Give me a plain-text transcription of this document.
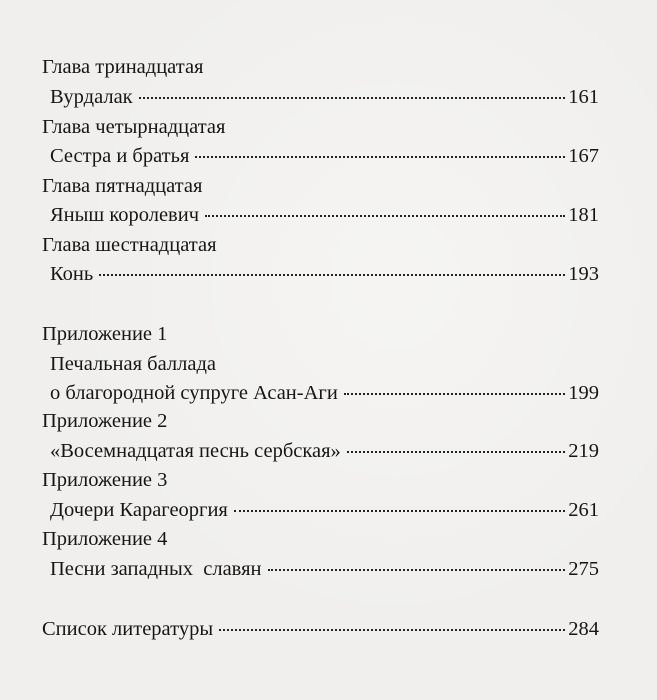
Глава тринадцатая
Вурдалак	161
Глава четырнадцатая
Сестра и братья	167
Глава пятнадцатая
Яныш королевич	181
Глава шестнадцатая
Конь	193
Приложение 1
Печальная баллада
о благородной супруге Асан-Аги	199
Приложение 2
«Восемнадцатая песнь сербская»	219
Приложение 3
Дочери Карагеоргия	261
Приложение 4
Песни западных  славян	275
Список литературы	284
